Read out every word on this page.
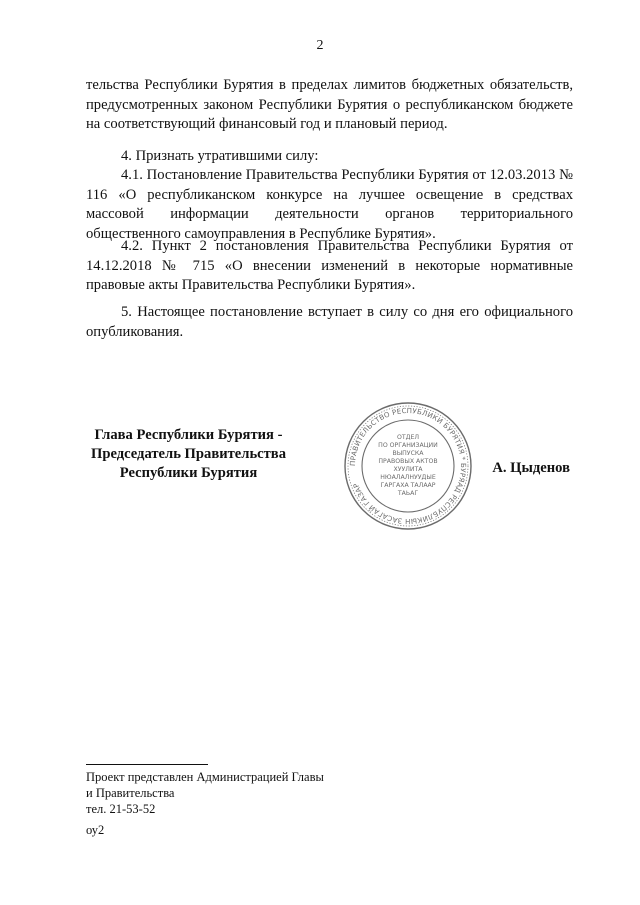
2

тельства Республики Бурятия в пределах лимитов бюджетных обязательств, предусмотренных законом Республики Бурятия о республиканском бюджете на соответствующий финансовый год и плановый период.

4. Признать утратившими силу:

4.1. Постановление Правительства Республики Бурятия от 12.03.2013 № 116 «О республиканском конкурсе на лучшее освещение в средствах массовой информации деятельности органов территориального общественного самоуправления в Республике Бурятия».

4.2. Пункт 2 постановления Правительства Республики Бурятия от 14.12.2018 № 715 «О внесении изменений в некоторые нормативные правовые акты Правительства Республики Бурятия».

5. Настоящее постановление вступает в силу со дня его официального опубликования.

Глава Республики Бурятия -
Председатель Правительства
Республики Бурятия
ПРАВИТЕЛЬСТВО РЕСПУБЛИКИ БУРЯТИЯ * БУРЯАД РЕСПУБЛИКЫН ЗАСАГАЙ ГАЗАР
ОТДЕЛ
ПО ОРГАНИЗАЦИИ
ВЫПУСКА
ПРАВОВЫХ АКТОВ
ХУУЛИТА
НЮАЛАЛНУУДЫЕ
ГАРГАХА ТАЛААР
ТАЬАГ
А. Цыденов
Проект представлен Администрацией Главы
и Правительства
тел. 21-53-52
оу2
